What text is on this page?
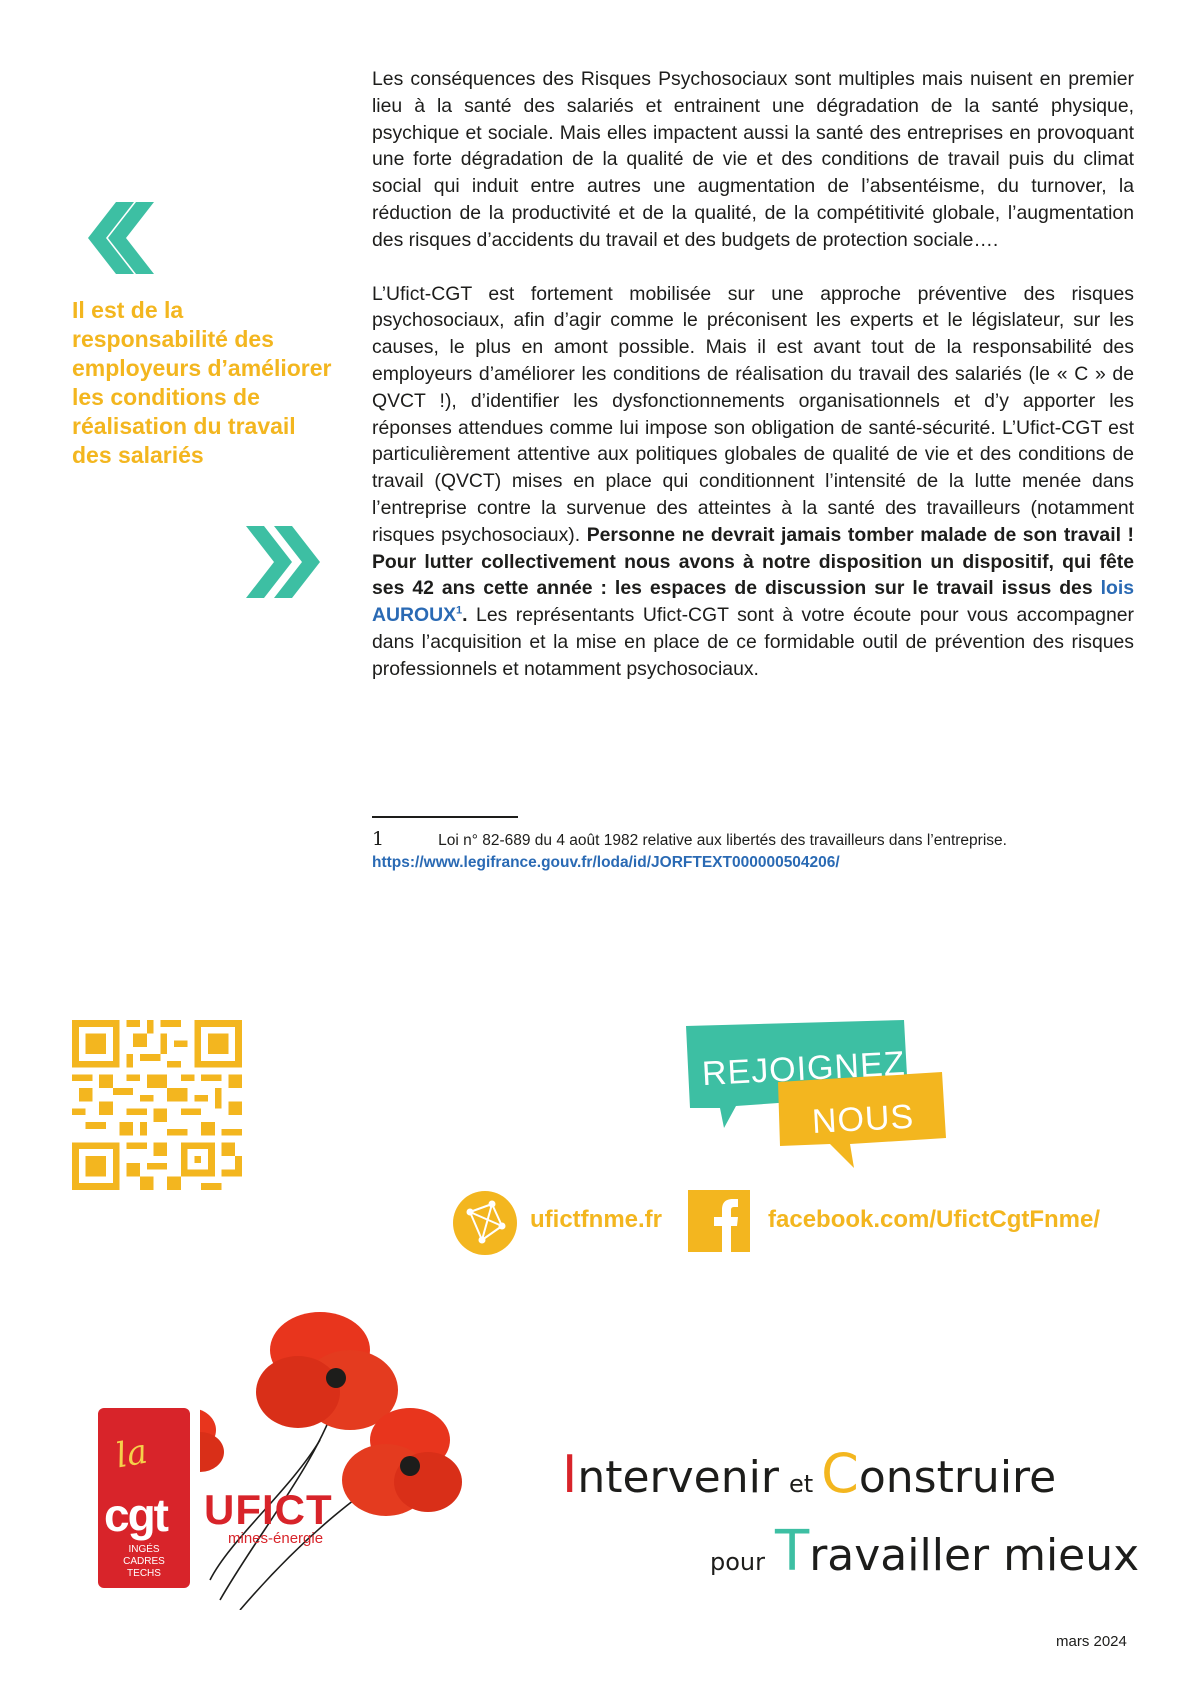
Il est de la responsabilité des employeurs d’améliorer les conditions de réalisation du travail des salariés

Les conséquences des Risques Psychosociaux sont multiples mais nuisent en premier lieu à la santé des salariés et entrainent une dégradation de la santé physique, psychique et sociale. Mais elles impactent aussi la santé des entreprises en provoquant une forte dégradation de la qualité de vie et des conditions de travail puis du climat social qui induit entre autres une augmentation de l’absentéisme, du turnover, la réduction de la productivité et de la qualité, de la compétitivité globale, l’augmentation des risques d’accidents du travail et des budgets de protection sociale….

L’Ufict-CGT est fortement mobilisée sur une approche préventive des risques psychosociaux, afin d’agir comme le préconisent les experts et le législateur, sur les causes, le plus en amont possible. Mais il est avant tout de la responsabilité des employeurs d’améliorer les conditions de réalisation du travail des salariés (le « C » de QVCT !), d’identifier les dysfonctionnements organisationnels et d’y apporter les réponses attendues comme lui impose son obligation de santé-sécurité. L’Ufict-CGT est particulièrement attentive aux politiques globales de qualité de vie et des conditions de travail (QVCT) mises en place qui conditionnent l’intensité de la lutte menée dans l’entreprise contre la survenue des atteintes à la santé des travailleurs (notamment risques psychosociaux). Personne ne devrait jamais tomber malade de son travail ! Pour lutter collectivement nous avons à notre disposition un dispositif, qui fête ses 42 ans cette année : les espaces de discussion sur le travail issus des lois AUROUX$^1$. Les représentants Ufict-CGT sont à votre écoute pour vous accompagner dans l’acquisition et la mise en place de ce formidable outil de prévention des risques professionnels et notamment psychosociaux.

1	Loi n° 82-689 du 4 août 1982 relative aux libertés des travailleurs dans l’entreprise.
https://www.legifrance.gouv.fr/loda/id/JORFTEXT000000504206/
REJOIGNEZ
NOUS
ufictfnme.fr	facebook.com/UfictCgtFnme/
la
cgt
INGÉS
CADRES
TECHS
UFICT
mines-énergie
Intervenir et Construire
pour Travailler mieux
mars 2024
